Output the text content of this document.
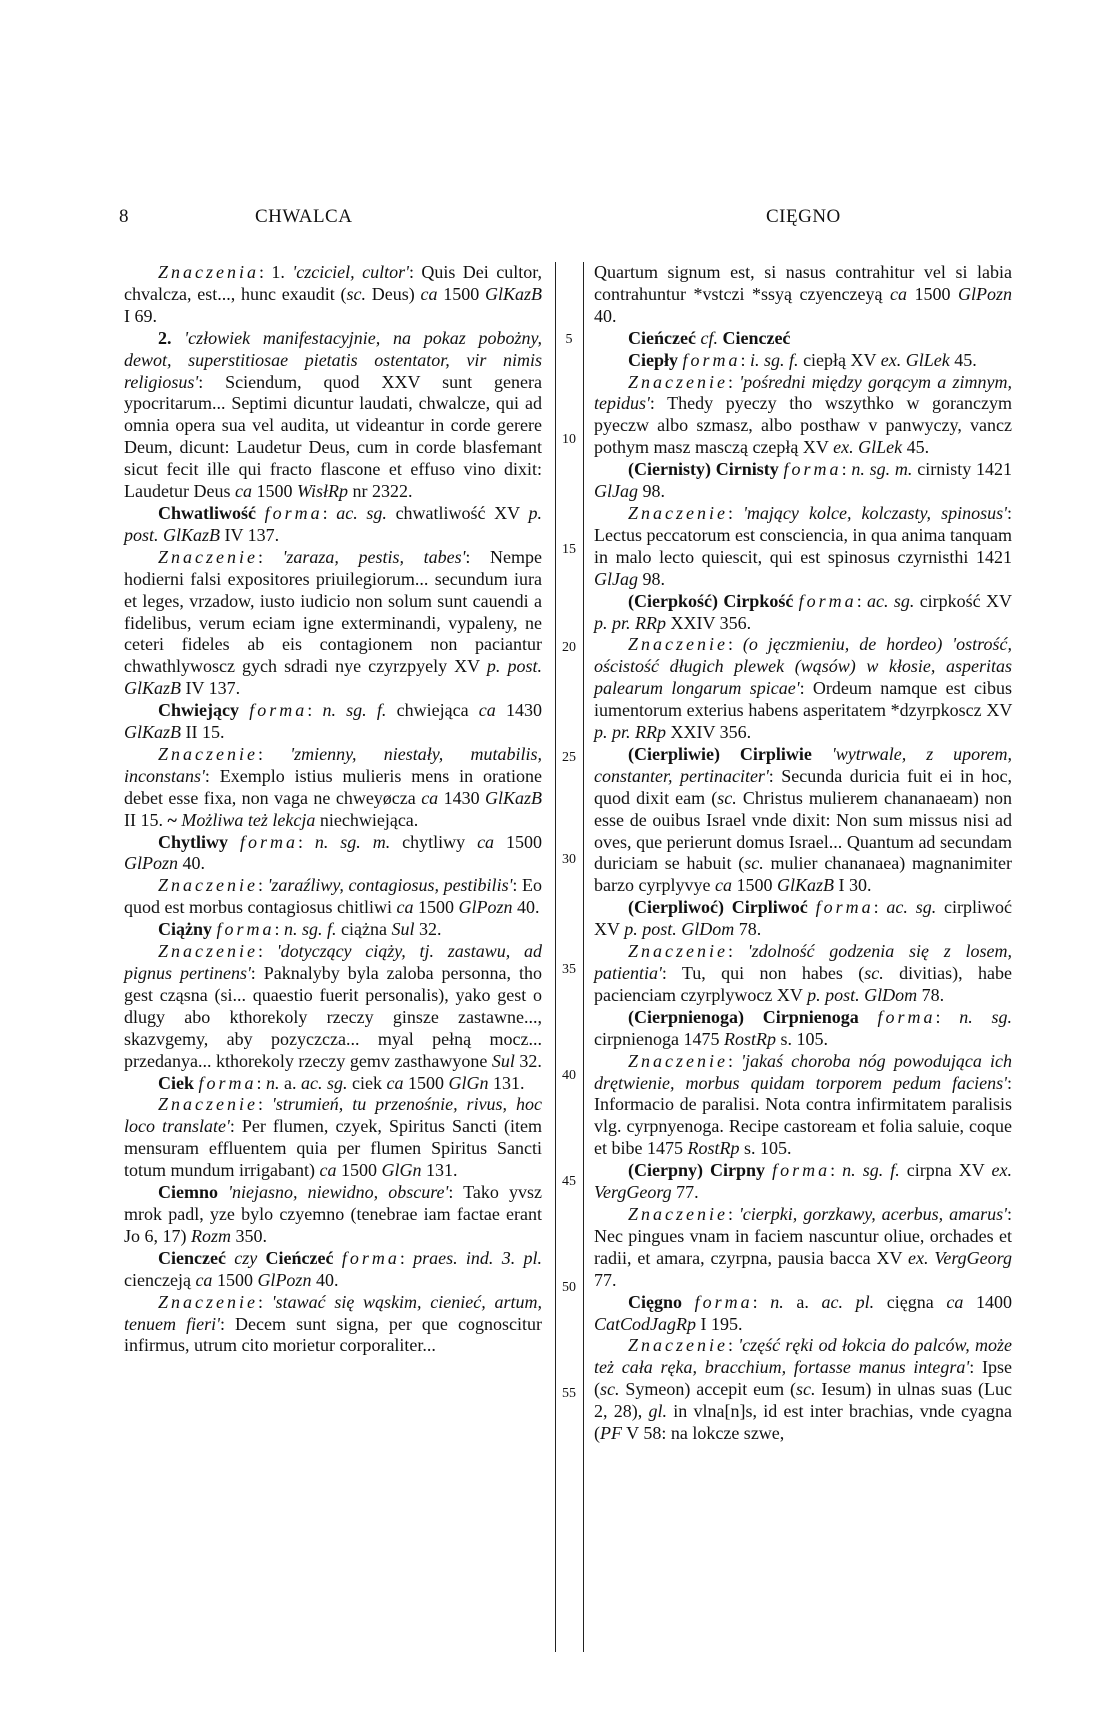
8	CHWALCA	CIĘGNO
5
10
15
20
25
30
35
40
45
50
55

Znaczenia: 1. 'czciciel, cultor': Quis Dei cultor, chvalcza, est..., hunc exaudit (sc. Deus) ca 1500 GlKazB I 69.

2. 'człowiek manifestacyjnie, na pokaz pobożny, dewot, superstitiosae pietatis ostentator, vir nimis religiosus': Sciendum, quod XXV sunt genera ypocritarum... Septimi dicuntur laudati, chwalcze, qui ad omnia opera sua vel audita, ut videantur in corde gerere Deum, dicunt: Laudetur Deus, cum in corde blasfemant sicut fecit ille qui fracto flascone et effuso vino dixit: Laudetur Deus ca 1500 WisłRp nr 2322.

Chwatliwość forma: ac. sg. chwatliwość XV p. post. GlKazB IV 137.

Znaczenie: 'zaraza, pestis, tabes': Nempe hodierni falsi expositores priuilegiorum... secundum iura et leges, vrzadow, iusto iudicio non solum sunt cauendi a fidelibus, verum eciam igne exterminandi, vypaleny, ne ceteri fideles ab eis contagionem non paciantur chwathlywoscz gych sdradi nye czyrzpyely XV p. post. GlKazB IV 137.

Chwiejący forma: n. sg. f. chwiejąca ca 1430 GlKazB II 15.

Znaczenie: 'zmienny, niestały, mutabilis, inconstans': Exemplo istius mulieris mens in oratione debet esse fixa, non vaga ne chweyøcza ca 1430 GlKazB II 15. ~ Możliwa też lekcja niechwiejąca.

Chytliwy forma: n. sg. m. chytliwy ca 1500 GlPozn 40.

Znaczenie: 'zaraźliwy, contagiosus, pestibilis': Eo quod est morbus contagiosus chitliwi ca 1500 GlPozn 40.

Ciążny forma: n. sg. f. ciążna Sul 32.

Znaczenie: 'dotyczący ciąży, tj. zastawu, ad pignus pertinens': Paknalyby byla zaloba personna, tho gest cząsna (si... quaestio fuerit personalis), yako gest o dlugy abo kthorekoly rzeczy ginsze zastawne..., skazvgemy, aby pozyczcza... myal pełną mocz... przedanya... kthorekoly rzeczy gemv zasthawyone Sul 32.

Ciek forma: n. a. ac. sg. ciek ca 1500 GlGn 131.

Znaczenie: 'strumień, tu przenośnie, rivus, hoc loco translate': Per flumen, czyek, Spiritus Sancti (item mensuram effluentem quia per flumen Spiritus Sancti totum mundum irrigabant) ca 1500 GlGn 131.

Ciemno 'niejasno, niewidno, obscure': Tako yvsz mrok padl, yze bylo czyemno (tenebrae iam factae erant Jo 6, 17) Rozm 350.

Cienczeć czy Cieńczeć forma: praes. ind. 3. pl. cienczeją ca 1500 GlPozn 40.

Znaczenie: 'stawać się wąskim, cienieć, artum, tenuem fieri': Decem sunt signa, per que cognoscitur infirmus, utrum cito morietur corporaliter...

Quartum signum est, si nasus contrahitur vel si labia contrahuntur *vstczi *ssyą czyenczeyą ca 1500 GlPozn 40.

Cieńczeć cf. Cienczeć

Ciepły forma: i. sg. f. ciepłą XV ex. GlLek 45.

Znaczenie: 'pośredni między gorącym a zimnym, tepidus': Thedy pyeczy tho wszythko w goranczym pyeczw albo szmasz, albo posthaw v panwyczy, vancz pothym masz masczą czepłą XV ex. GlLek 45.

(Ciernisty) Cirnisty forma: n. sg. m. cirnisty 1421 GlJag 98.

Znaczenie: 'mający kolce, kolczasty, spinosus': Lectus peccatorum est consciencia, in qua anima tanquam in malo lecto quiescit, qui est spinosus czyrnisthi 1421 GlJag 98.

(Cierpkość) Cirpkość forma: ac. sg. cirpkość XV p. pr. RRp XXIV 356.

Znaczenie: (o jęczmieniu, de hordeo) 'ostrość, ościstość długich plewek (wąsów) w kłosie, asperitas palearum longarum spicae': Ordeum namque est cibus iumentorum exterius habens asperitatem *dzyrpkoscz XV p. pr. RRp XXIV 356.

(Cierpliwie) Cirpliwie 'wytrwale, z uporem, constanter, pertinaciter': Secunda duricia fuit ei in hoc, quod dixit eam (sc. Christus mulierem chananaeam) non esse de ouibus Israel vnde dixit: Non sum missus nisi ad oves, que perierunt domus Israel... Quantum ad secundam duriciam se habuit (sc. mulier chananaea) magnanimiter barzo cyrplyvye ca 1500 GlKazB I 30.

(Cierpliwoć) Cirpliwoć forma: ac. sg. cirpliwoć XV p. post. GlDom 78.

Znaczenie: 'zdolność godzenia się z losem, patientia': Tu, qui non habes (sc. divitias), habe pacienciam czyrplywocz XV p. post. GlDom 78.

(Cierpnienoga) Cirpnienoga forma: n. sg. cirpnienoga 1475 RostRp s. 105.

Znaczenie: 'jakaś choroba nóg powodująca ich drętwienie, morbus quidam torporem pedum faciens': Informacio de paralisi. Nota contra infirmitatem paralisis vlg. cyrpnyenoga. Recipe castoream et folia saluie, coque et bibe 1475 RostRp s. 105.

(Cierpny) Cirpny forma: n. sg. f. cirpna XV ex. VergGeorg 77.

Znaczenie: 'cierpki, gorzkawy, acerbus, amarus': Nec pingues vnam in faciem nascuntur oliue, orchades et radii, et amara, czyrpna, pausia bacca XV ex. VergGeorg 77.

Cięgno forma: n. a. ac. pl. cięgna ca 1400 CatCodJagRp I 195.

Znaczenie: 'część ręki od łokcia do palców, może też cała ręka, bracchium, fortasse manus integra': Ipse (sc. Symeon) accepit eum (sc. Iesum) in ulnas suas (Luc 2, 28), gl. in vlna[n]s, id est inter brachias, vnde cyagna (PF V 58: na lokcze szwe,
